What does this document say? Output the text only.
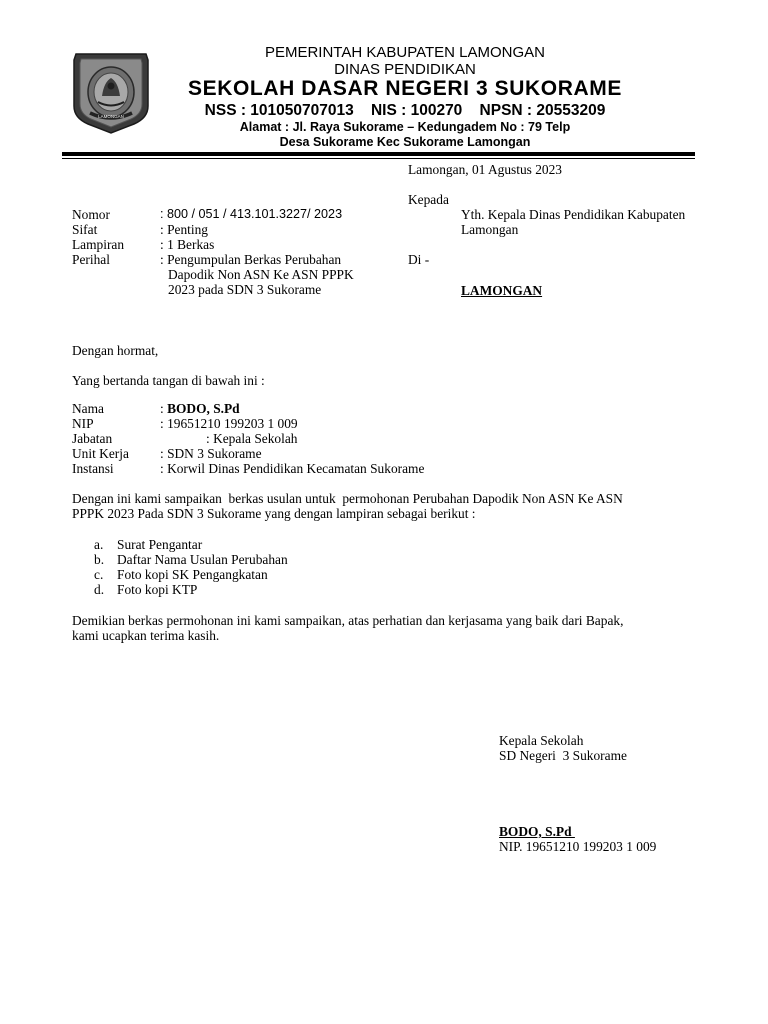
LAMONGAN
PEMERINTAH KABUPATEN LAMONGAN
DINAS PENDIDIKAN
SEKOLAH DASAR NEGERI 3 SUKORAME
NSS : 101050707013    NIS : 100270    NPSN : 20553209
Alamat : Jl. Raya Sukorame – Kedungadem No : 79 Telp
Desa Sukorame Kec Sukorame Lamongan
Lamongan, 01 Agustus 2023
Kepada
Yth. Kepala Dinas Pendidikan Kabupaten
Lamongan
Di -
LAMONGAN
Nomor	: 800 / 051 / 413.101.3227/ 2023
Sifat	: Penting
Lampiran	: 1 Berkas
Perihal	: Pengumpulan Berkas Perubahan
Dapodik Non ASN Ke ASN PPPK
2023 pada SDN 3 Sukorame
Dengan hormat,
Yang bertanda tangan di bawah ini :
Nama	: BODO, S.Pd
NIP	: 19651210 199203 1 009
Jabatan	: Kepala Sekolah
Unit Kerja : SDN 3 Sukorame
Instansi	: Korwil Dinas Pendidikan Kecamatan Sukorame
Dengan ini kami sampaikan  berkas usulan untuk  permohonan Perubahan Dapodik Non ASN Ke ASN
PPPK 2023 Pada SDN 3 Sukorame yang dengan lampiran sebagai berikut :
a. Surat Pengantar
b. Daftar Nama Usulan Perubahan
c. Foto kopi SK Pengangkatan
d. Foto kopi KTP
Demikian berkas permohonan ini kami sampaikan, atas perhatian dan kerjasama yang baik dari Bapak,
kami ucapkan terima kasih.
Kepala Sekolah
SD Negeri  3 Sukorame
BODO, S.Pd
NIP. 19651210 199203 1 009
